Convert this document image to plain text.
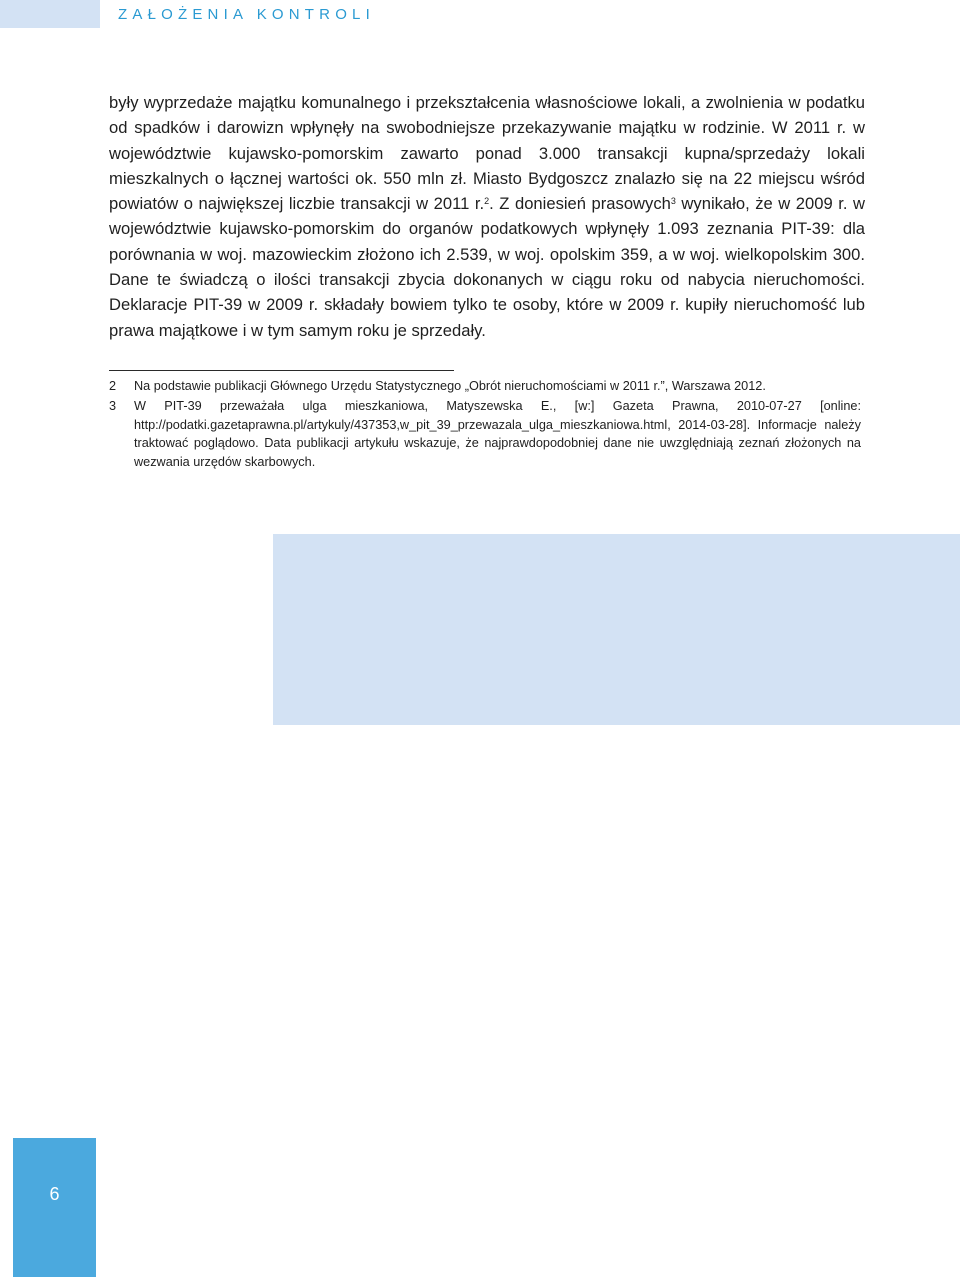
ZAŁOŻENIA KONTROLI

były wyprzedaże majątku komunalnego i przekształcenia własnościowe lokali, a zwolnienia w podatku od spadków i darowizn wpłynęły na swobodniejsze przekazywanie majątku w rodzinie. W 2011 r. w województwie kujawsko-pomorskim zawarto ponad 3.000 transakcji kupna/sprzedaży lokali mieszkalnych o łącznej wartości ok. 550 mln zł. Miasto Bydgoszcz znalazło się na 22 miejscu wśród powiatów o największej liczbie transakcji w 2011 r.$^2$. Z doniesień prasowych$^3$ wynikało, że w 2009 r. w województwie kujawsko-pomorskim do organów podatkowych wpłynęły 1.093 zeznania PIT-39: dla porównania w woj. mazowieckim złożono ich 2.539, w woj. opolskim 359, a w woj. wielkopolskim 300. Dane te świadczą o ilości transakcji zbycia dokonanych w ciągu roku od nabycia nieruchomości. Deklaracje PIT-39 w 2009 r. składały bowiem tylko te osoby, które w 2009 r. kupiły nieruchomość lub prawa majątkowe i w tym samym roku je sprzedały.

2	Na podstawie publikacji Głównego Urzędu Statystycznego „Obrót nieruchomościami w 2011 r.”, Warszawa 2012.
3	W PIT-39 przeważała ulga mieszkaniowa, Matyszewska E., [w:] Gazeta Prawna, 2010-07-27 [online: http://podatki.gazetaprawna.pl/artykuly/437353,w_pit_39_przewazala_ulga_mieszkaniowa.html, 2014-03-28]. Informacje należy traktować poglądowo. Data publikacji artykułu wskazuje, że najprawdopodobniej dane nie uwzględniają zeznań złożonych na wezwania urzędów skarbowych.
6
